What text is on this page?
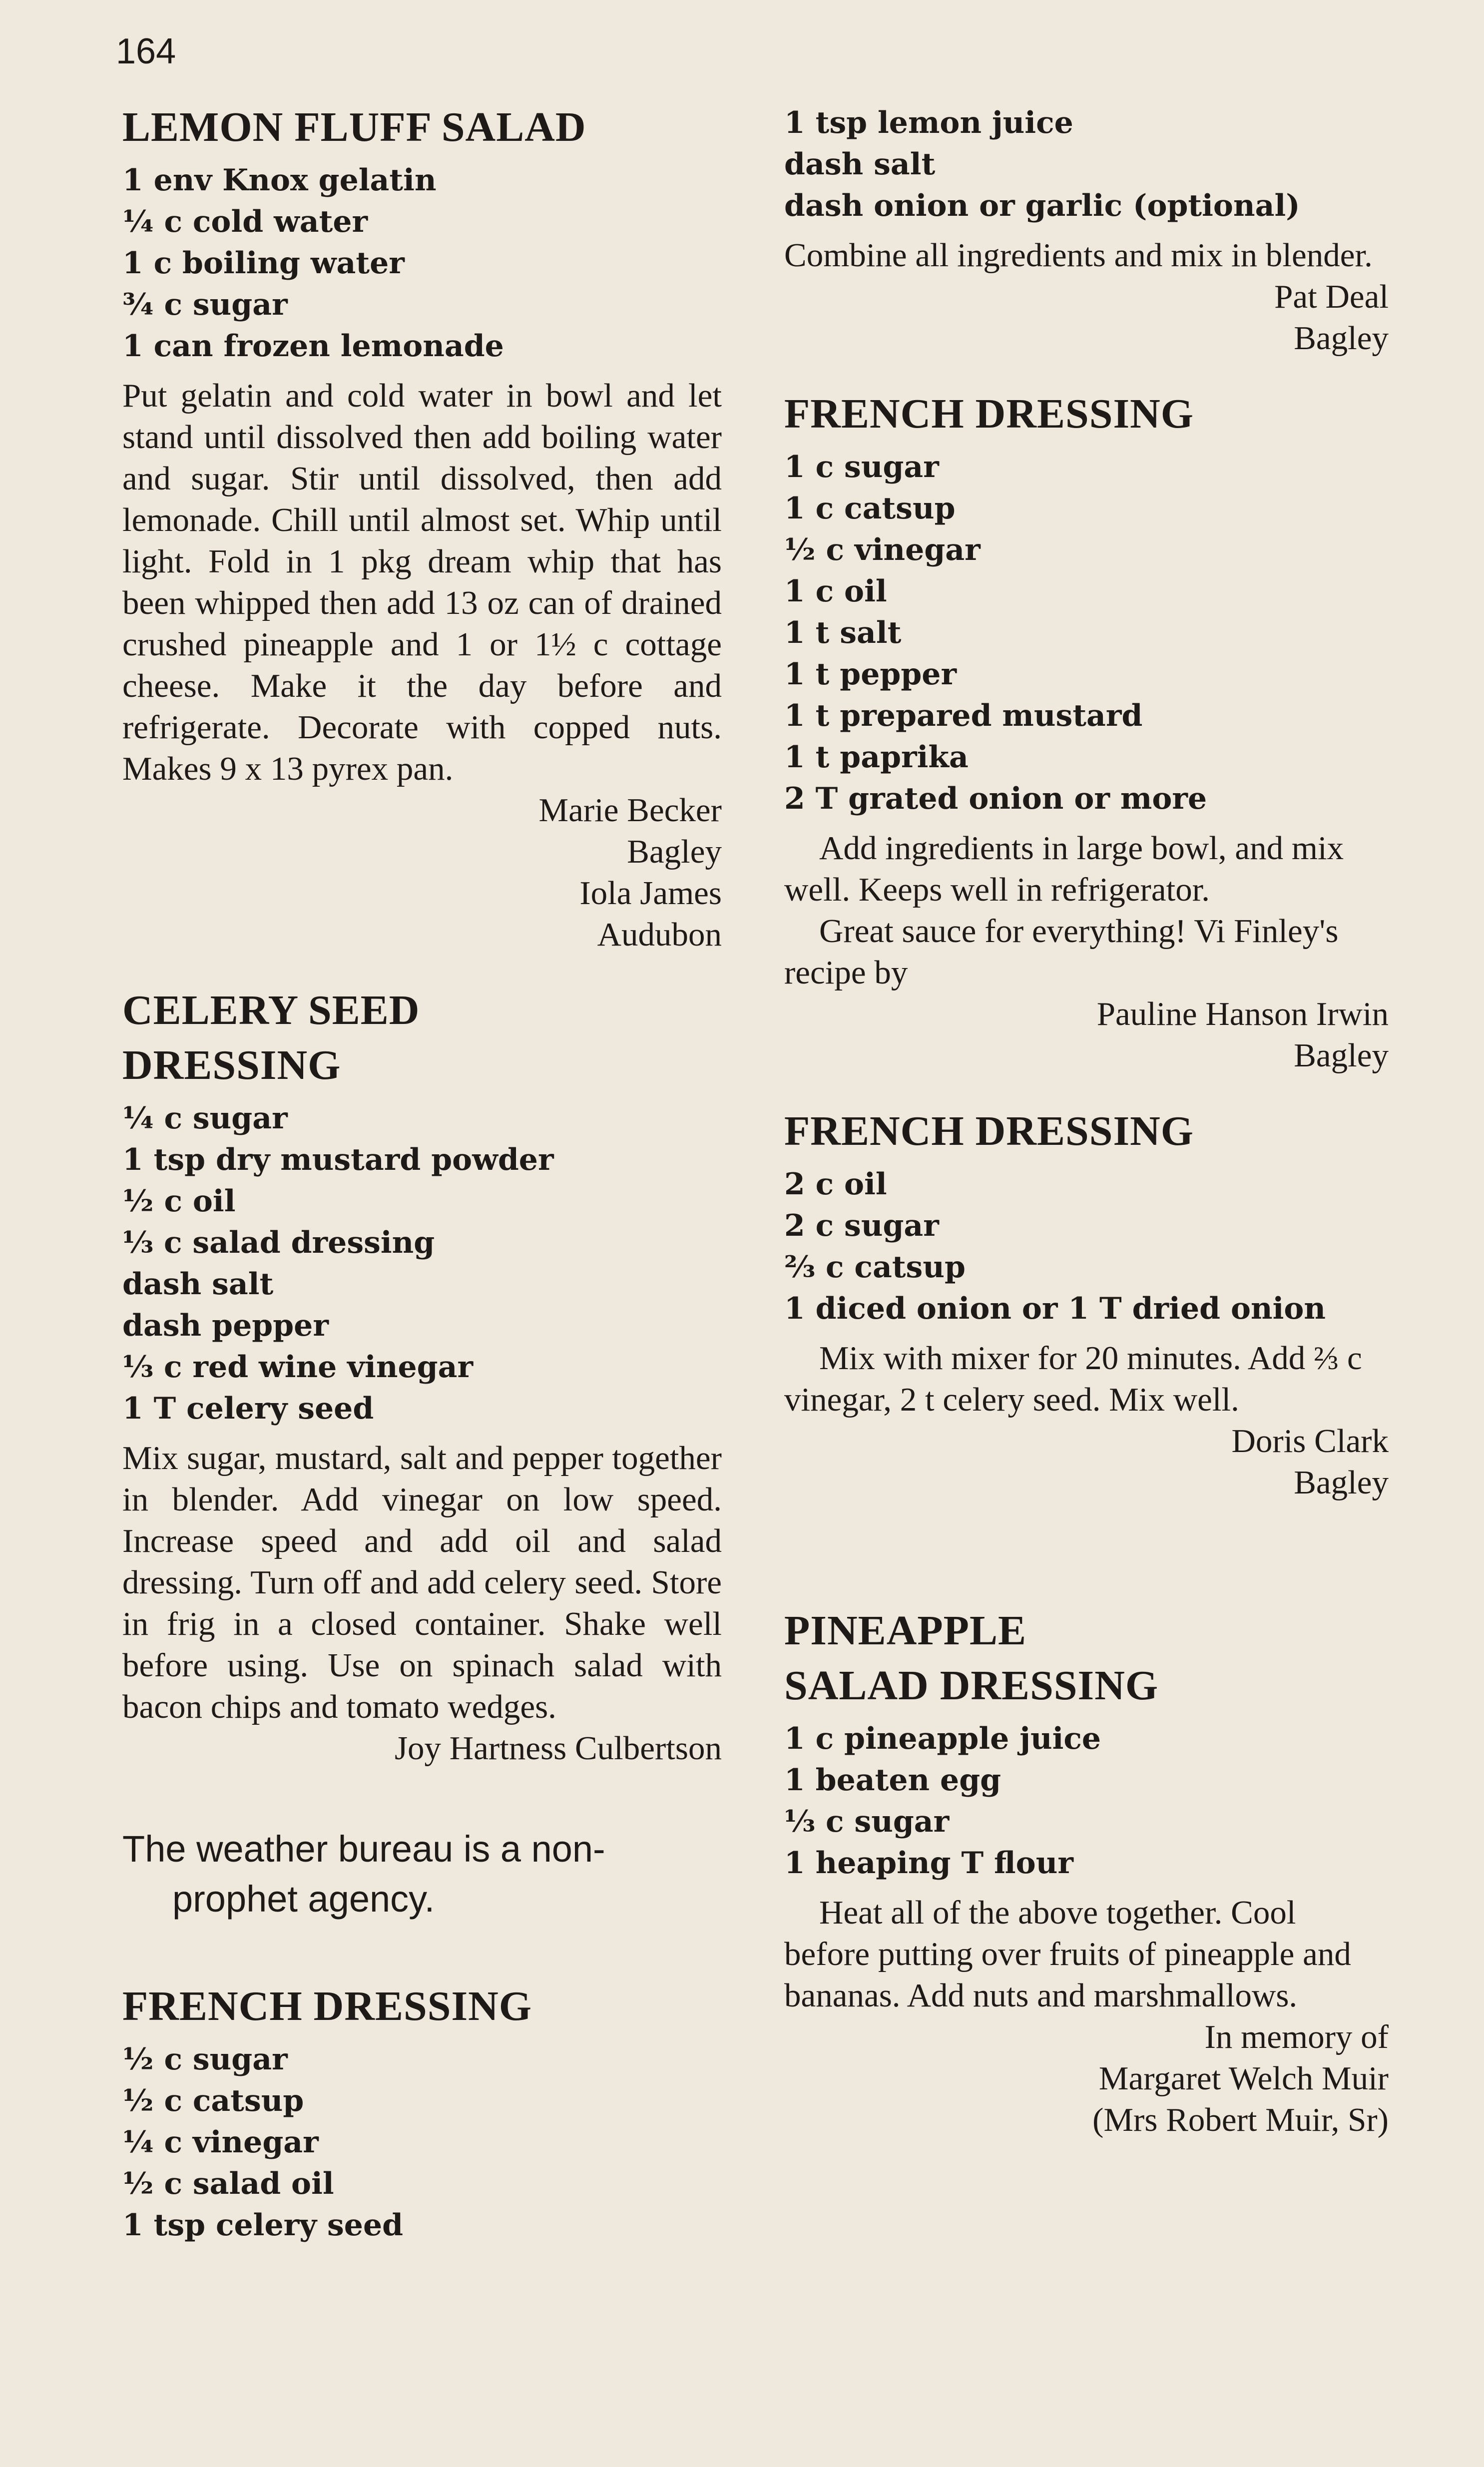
164
LEMON FLUFF SALAD
1 env Knox gelatin
¼ c cold water
1 c boiling water
¾ c sugar
1 can frozen lemonade

Put gelatin and cold water in bowl and let stand until dissolved then add boiling water and sugar. Stir until dissolved, then add lemonade. Chill until almost set. Whip until light. Fold in 1 pkg dream whip that has been whipped then add 13 oz can of drained crushed pineapple and 1 or 1½ c cottage cheese. Make it the day before and refrigerate. Decorate with copped nuts. Makes 9 x 13 pyrex pan.

Marie Becker

Bagley

Iola James

Audubon

CELERY SEED
DRESSING
¼ c sugar
1 tsp dry mustard powder
½ c oil
⅓ c salad dressing
dash salt
dash pepper
⅓ c red wine vinegar
1 T celery seed

Mix sugar, mustard, salt and pepper together in blender. Add vinegar on low speed. Increase speed and add oil and salad dressing. Turn off and add celery seed. Store in frig in a closed container. Shake well before using. Use on spinach salad with bacon chips and tomato wedges.

Joy Hartness Culbertson

The weather bureau is a non-prophet agency.

FRENCH DRESSING
½ c sugar
½ c catsup
¼ c vinegar
½ c salad oil
1 tsp celery seed
1 tsp lemon juice
dash salt
dash onion or garlic (optional)

Combine all ingredients and mix in blender.

Pat Deal

Bagley

FRENCH DRESSING
1 c sugar
1 c catsup
½ c vinegar
1 c oil
1 t salt
1 t pepper
1 t prepared mustard
1 t paprika
2 T grated onion or more

Add ingredients in large bowl, and mix well. Keeps well in refrigerator.

Great sauce for everything! Vi Finley's recipe by

Pauline Hanson Irwin

Bagley

FRENCH DRESSING
2 c oil
2 c sugar
⅔ c catsup
1 diced onion or 1 T dried onion

Mix with mixer for 20 minutes. Add ⅔ c vinegar, 2 t celery seed. Mix well.

Doris Clark

Bagley

PINEAPPLE
SALAD DRESSING
1 c pineapple juice
1 beaten egg
⅓ c sugar
1 heaping T flour

Heat all of the above together. Cool before putting over fruits of pineapple and bananas. Add nuts and marshmallows.

In memory of

Margaret Welch Muir

(Mrs Robert Muir, Sr)
